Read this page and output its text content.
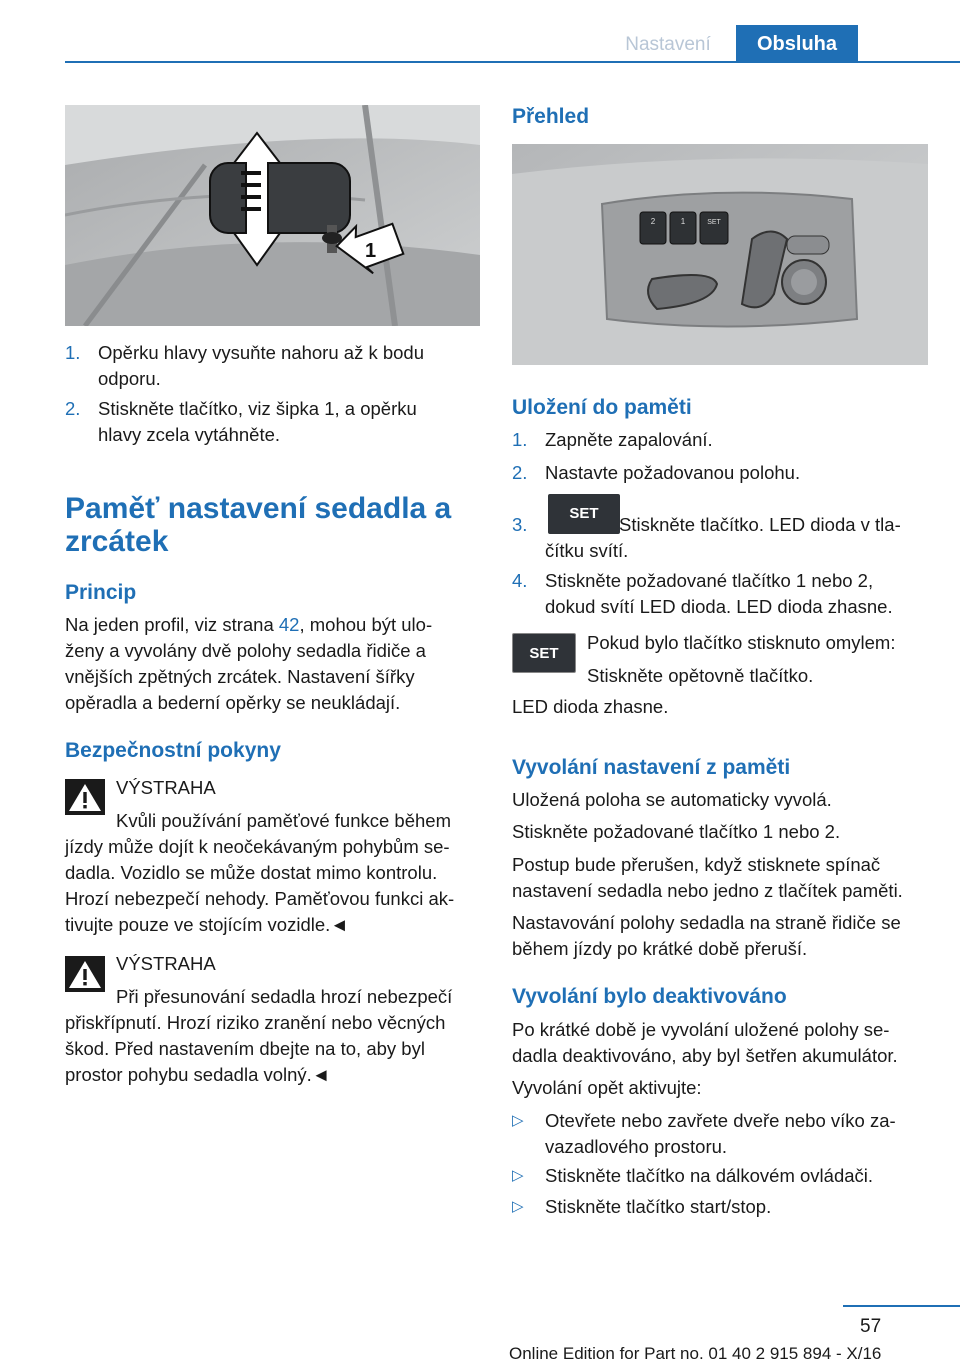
Nastavení	Obsluha
1
1. Opěrku hlavy vysuňte nahoru až k bodu
odporu.
2. Stiskněte tlačítko, viz šipka 1, a opěrku
hlavy zcela vytáhněte.
Paměť nastavení sedadla a
zrcátek
Princip
Na jeden profil, viz strana 42, mohou být ulo-
ženy a vyvolány dvě polohy sedadla řidiče a
vnějších zpětných zrcátek. Nastavení šířky
opěradla a bederní opěrky se neukládají.
Bezpečnostní pokyny
VÝSTRAHA
Kvůli používání paměťové funkce během
jízdy může dojít k neočekávaným pohybům se-
dadla. Vozidlo se může dostat mimo kontrolu.
Hrozí nebezpečí nehody. Paměťovou funkci ak-
tivujte pouze ve stojícím vozidle.◄
VÝSTRAHA
Při přesunování sedadla hrozí nebezpečí
přiskřípnutí. Hrozí riziko zranění nebo věcných
škod. Před nastavením dbejte na to, aby byl
prostor pohybu sedadla volný.◄
Přehled
2	1	SET
Uložení do paměti
1. Zapněte zapalování.
2. Nastavte požadovanou polohu.
3.
SET
Stiskněte tlačítko. LED dioda v tla-
čítku svítí.
4. Stiskněte požadované tlačítko 1 nebo 2,
dokud svítí LED dioda. LED dioda zhasne.
SET
Pokud bylo tlačítko stisknuto omylem:
Stiskněte opětovně tlačítko.
LED dioda zhasne.
Vyvolání nastavení z paměti
Uložená poloha se automaticky vyvolá.
Stiskněte požadované tlačítko 1 nebo 2.
Postup bude přerušen, když stisknete spínač
nastavení sedadla nebo jedno z tlačítek paměti.
Nastavování polohy sedadla na straně řidiče se
během jízdy po krátké době přeruší.
Vyvolání bylo deaktivováno
Po krátké době je vyvolání uložené polohy se-
dadla deaktivováno, aby byl šetřen akumulátor.
Vyvolání opět aktivujte:
▷ Otevřete nebo zavřete dveře nebo víko za-
vazadlového prostoru.
▷ Stiskněte tlačítko na dálkovém ovládači.
▷ Stiskněte tlačítko start/stop.
57
Online Edition for Part no. 01 40 2 915 894 - X/16
